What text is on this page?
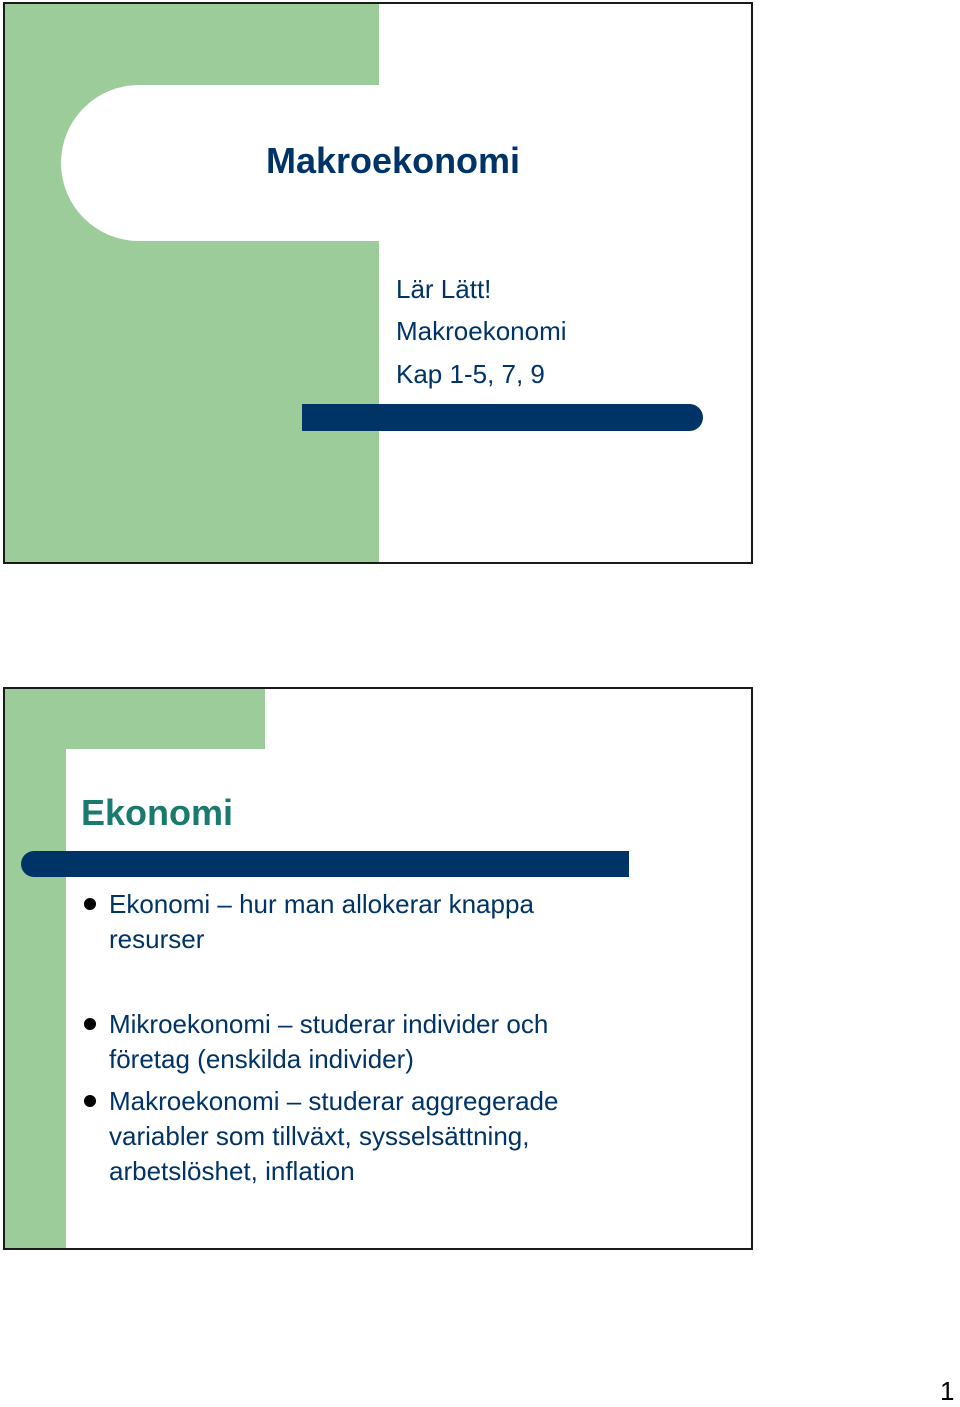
Makroekonomi
Lär Lätt!
Makroekonomi
Kap 1-5, 7, 9
Ekonomi
Ekonomi – hur man allokerar knappa
resurser
Mikroekonomi – studerar individer och
företag (enskilda individer)
Makroekonomi – studerar aggregerade
variabler som tillväxt, sysselsättning,
arbetslöshet, inflation
1
